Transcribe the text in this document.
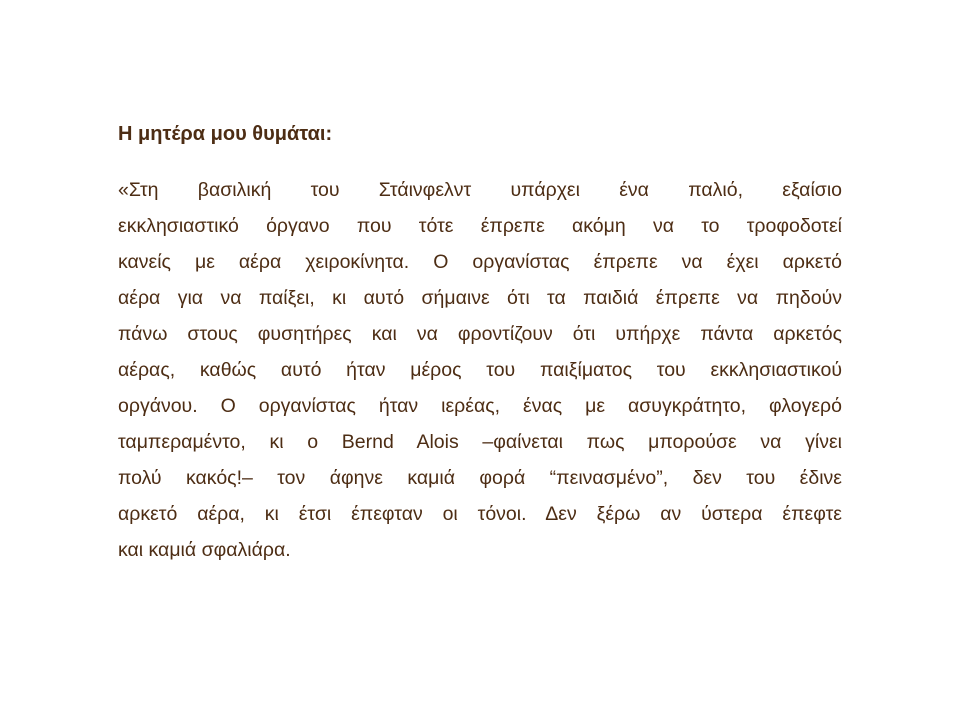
Η μητέρα μου θυμάται:
«Στη βασιλική του Στάινφελντ υπάρχει ένα παλιό, εξαίσιο
εκκλησιαστικό όργανο που τότε έπρεπε ακόμη να το τροφοδοτεί
κανείς με αέρα χειροκίνητα. Ο οργανίστας έπρεπε να έχει αρκετό
αέρα για να παίξει, κι αυτό σήμαινε ότι τα παιδιά έπρεπε να πηδούν
πάνω στους φυσητήρες και να φροντίζουν ότι υπήρχε πάντα αρκετός
αέρας, καθώς αυτό ήταν μέρος του παιξίματος του εκκλησιαστικού
οργάνου. Ο οργανίστας ήταν ιερέας, ένας με ασυγκράτητο, φλογερό
ταμπεραμέντο, κι ο Bernd Alois –φαίνεται πως μπορούσε να γίνει
πολύ κακός!– τον άφηνε καμιά φορά “πεινασμένο”, δεν του έδινε
αρκετό αέρα, κι έτσι έπεφταν οι τόνοι. Δεν ξέρω αν ύστερα έπεφτε
και καμιά σφαλιάρα.
